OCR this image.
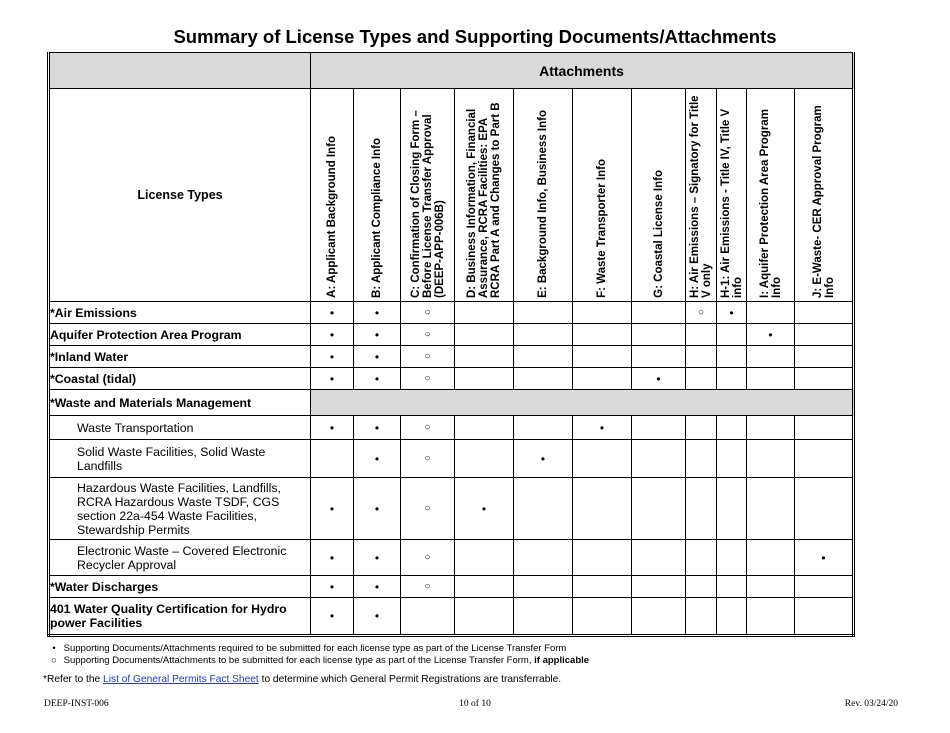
Summary of License Types and Supporting Documents/Attachments
	Attachments										
License Types	A: Applicant Background Info	B: Applicant Compliance Info	C: Confirmation of Closing Form – Before License Transfer Approval (DEEP-APP-006B)	D: Business Information, Financial Assurance, RCRA Facilities: EPA RCRA Part A and Changes to Part B	E: Background Info, Business Info	F: Waste Transporter Info	G: Coastal License Info	H: Air Emissions – Signatory for Title V only	H-1: Air Emissions - Title IV, Title V info	I: Aquifer Protection Area Program Info	J: E-Waste- CER Approval Program Info

*Air Emissions	•	•	○					○	•		
Aquifer Protection Area Program	•	•	○							•	
*Inland Water	•	•	○								
*Coastal (tidal)	•	•	○				•				
*Waste and Materials Management											
Waste Transportation	•	•	○			•					
Solid Waste Facilities, Solid Waste Landfills		•	○		•						
Hazardous Waste Facilities, Landfills, RCRA Hazardous Waste TSDF, CGS section 22a-454 Waste Facilities, Stewardship Permits	•	•	○	•							
Electronic Waste – Covered Electronic Recycler Approval	•	•	○								•
*Water Discharges	•	•	○								
401 Water Quality Certification for Hydro power Facilities	•	•									
• Supporting Documents/Attachments required to be submitted for each license type as part of the License Transfer Form
○ Supporting Documents/Attachments to be submitted for each license type as part of the License Transfer Form, if applicable
*Refer to the List of General Permits Fact Sheet to determine which General Permit Registrations are transferrable.
DEEP-INST-006	10 of 10	Rev. 03/24/20
